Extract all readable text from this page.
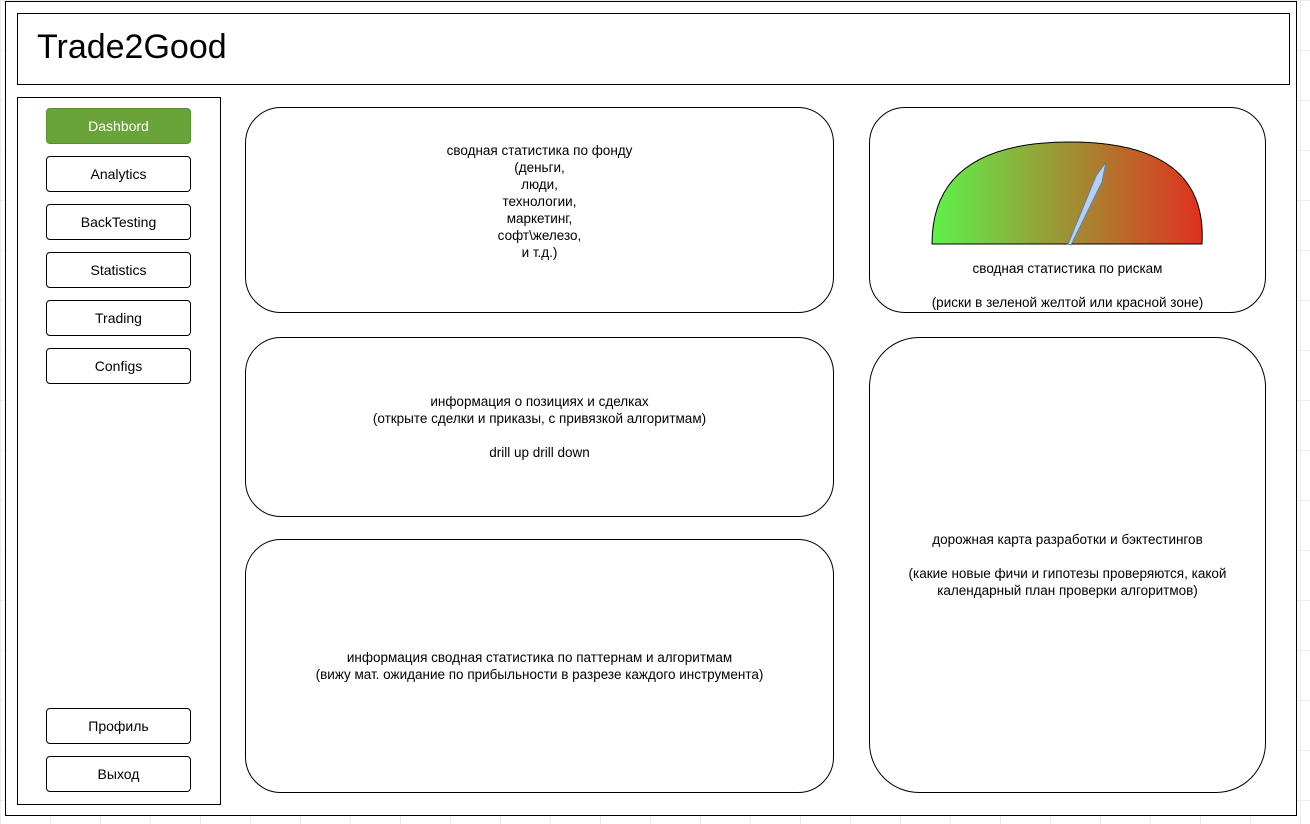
Trade2Good
Dashbord
Analytics
BackTesting
Statistics
Trading
Configs
Профиль
Выход
сводная статистика по фонду
(деньги,
люди,
технологии,
маркетинг,
софт\железо,
и т.д.)
информация о позициях и сделках
(открыте сделки и приказы, с привязкой алгоритмам)

drill up drill down
информация сводная статистика по паттернам и алгоритмам
(вижу мат. ожидание по прибыльности в разрезе каждого инструмента)
сводная статистика по рискам
(риски в зеленой желтой или красной зоне)
дорожная карта разработки и бэктестингов

(какие новые фичи и гипотезы проверяются, какой
календарный план проверки алгоритмов)
